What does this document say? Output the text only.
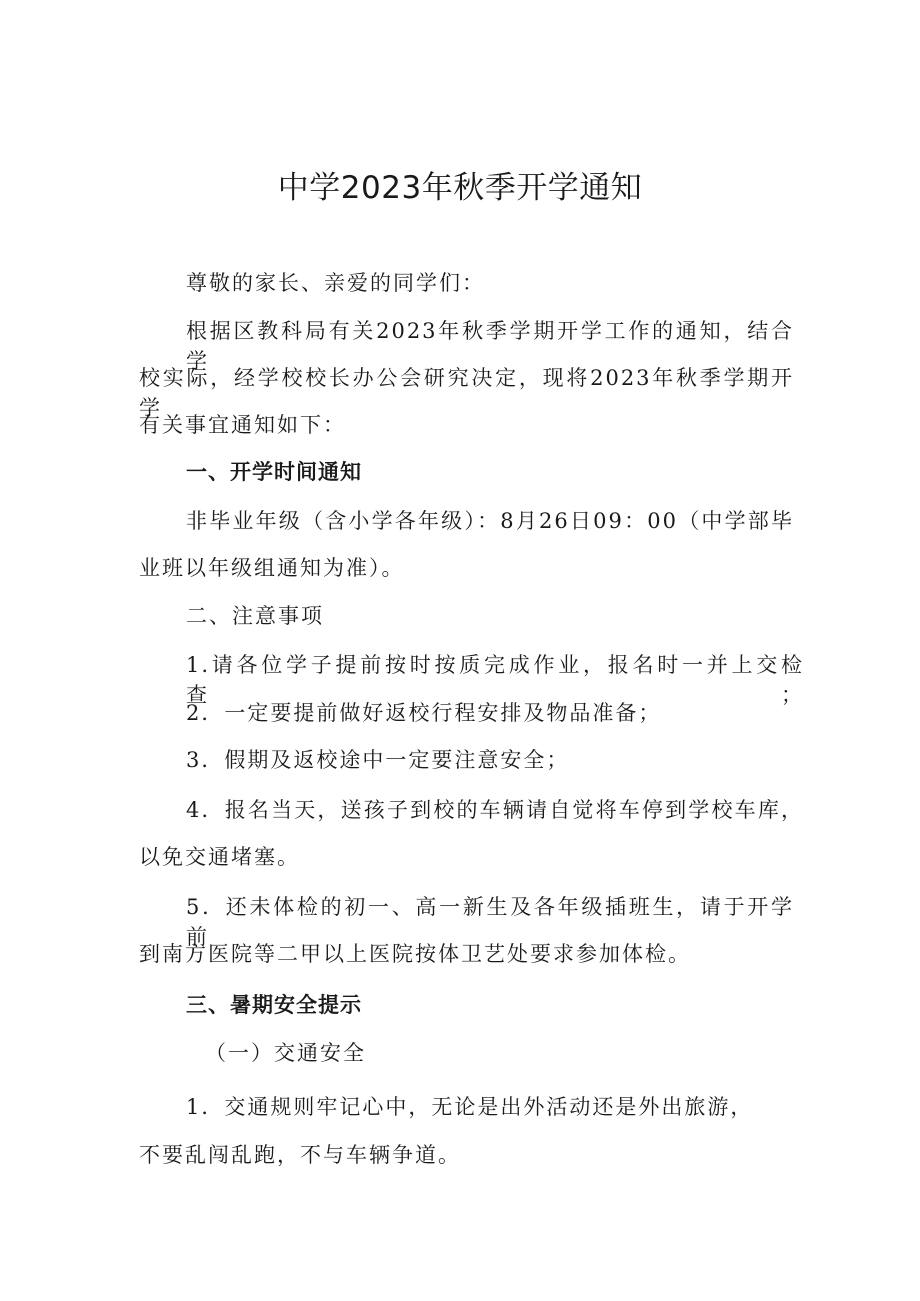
中学2023年秋季开学通知
尊敬的家长、亲爱的同学们：
根据区教科局有关2023年秋季学期开学工作的通知，结合学
校实际，经学校校长办公会研究决定，现将2023年秋季学期开学
有关事宜通知如下：
一、开学时间通知
非毕业年级（含小学各年级）：8月26日09：00（中学部毕
业班以年级组通知为准）。
二、注意事项
1.请各位学子提前按时按质完成作业，报名时一并上交检查；
2．一定要提前做好返校行程安排及物品准备；
3．假期及返校途中一定要注意安全；
4．报名当天，送孩子到校的车辆请自觉将车停到学校车库，
以免交通堵塞。
5．还未体检的初一、高一新生及各年级插班生，请于开学前
到南方医院等二甲以上医院按体卫艺处要求参加体检。
三、暑期安全提示
（一）交通安全
1．交通规则牢记心中，无论是出外活动还是外出旅游，
不要乱闯乱跑，不与车辆争道。
